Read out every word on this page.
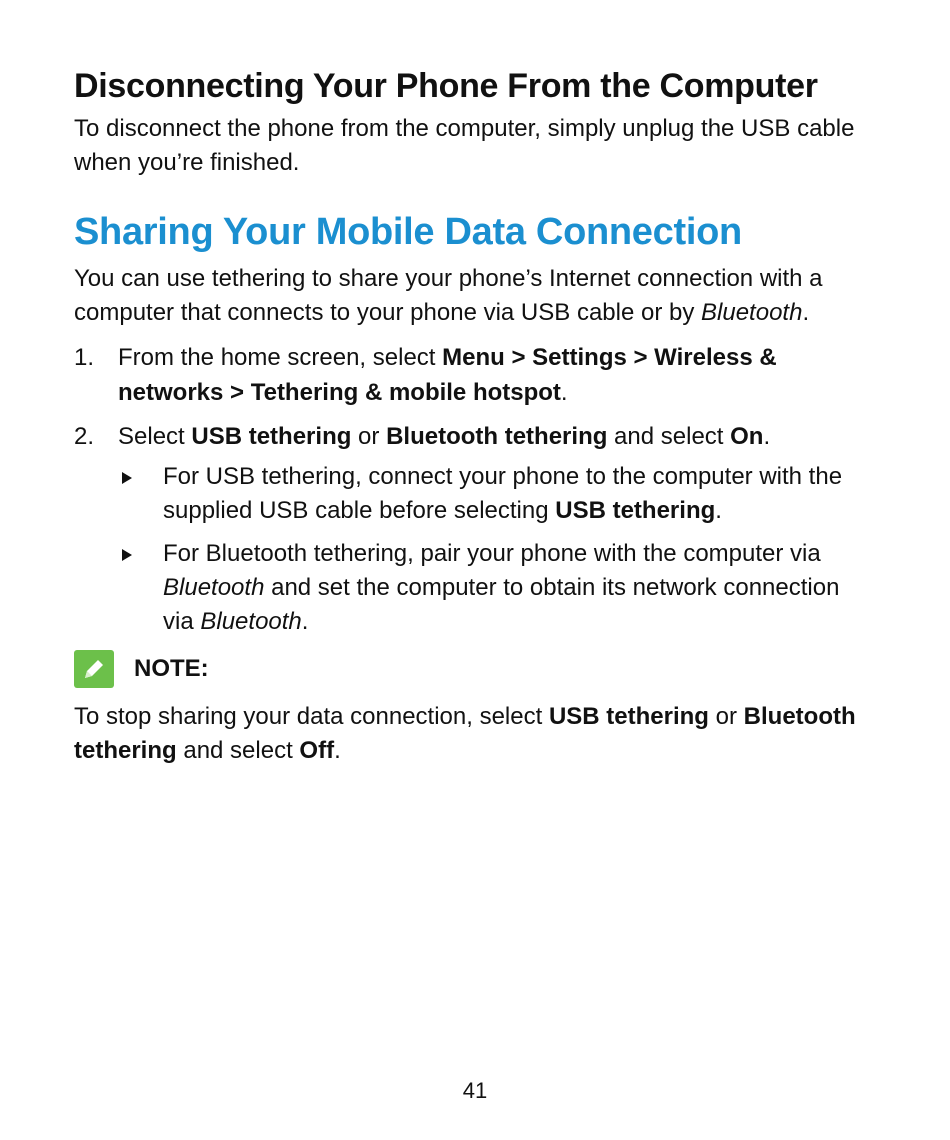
Disconnecting Your Phone From the Computer

To disconnect the phone from the computer, simply unplug the USB cable when you’re finished.

Sharing Your Mobile Data Connection

You can use tethering to share your phone’s Internet connection with a computer that connects to your phone via USB cable or by Bluetooth.

1. From the home screen, select Menu > Settings > Wireless & networks > Tethering & mobile hotspot.
2. Select USB tethering or Bluetooth tethering and select On.
For USB tethering, connect your phone to the computer with the supplied USB cable before selecting USB tethering.
For Bluetooth tethering, pair your phone with the computer via Bluetooth and set the computer to obtain its network connection via Bluetooth.
NOTE:

To stop sharing your data connection, select USB tethering or Bluetooth tethering and select Off.

41
